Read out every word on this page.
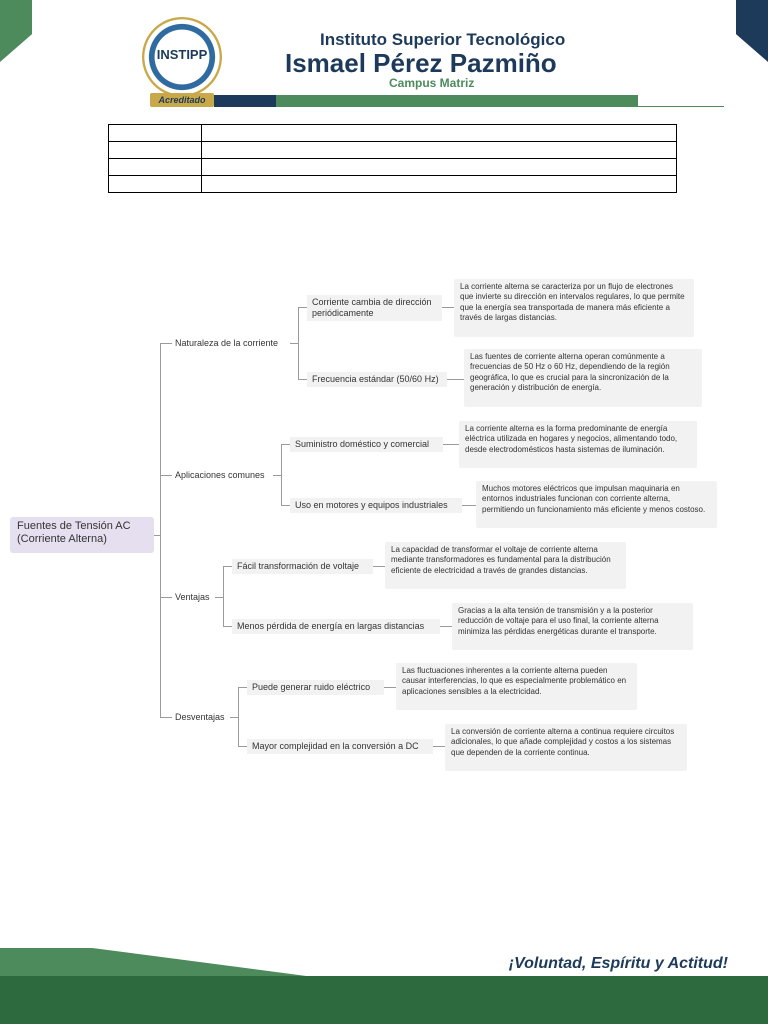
INSTIPP
Acreditado
Instituto Superior Tecnológico
Ismael Pérez Pazmiño
Campus Matriz

Fuentes de Tensión AC (Corriente Alterna)
Naturaleza de la corriente
Aplicaciones comunes
Ventajas
Desventajas
Corriente cambia de dirección periódicamente
Frecuencia estándar (50/60 Hz)
Suministro doméstico y comercial
Uso en motores y equipos industriales
Fácil transformación de voltaje
Menos pérdida de energía en largas distancias
Puede generar ruido eléctrico
Mayor complejidad en la conversión a DC
La corriente alterna se caracteriza por un flujo de electrones que invierte su dirección en intervalos regulares, lo que permite que la energía sea transportada de manera más eficiente a través de largas distancias.
Las fuentes de corriente alterna operan comúnmente a frecuencias de 50 Hz o 60 Hz, dependiendo de la región geográfica, lo que es crucial para la sincronización de la generación y distribución de energía.
La corriente alterna es la forma predominante de energía eléctrica utilizada en hogares y negocios, alimentando todo, desde electrodomésticos hasta sistemas de iluminación.
Muchos motores eléctricos que impulsan maquinaria en entornos industriales funcionan con corriente alterna, permitiendo un funcionamiento más eficiente y menos costoso.
La capacidad de transformar el voltaje de corriente alterna mediante transformadores es fundamental para la distribución eficiente de electricidad a través de grandes distancias.
Gracias a la alta tensión de transmisión y a la posterior reducción de voltaje para el uso final, la corriente alterna minimiza las pérdidas energéticas durante el transporte.
Las fluctuaciones inherentes a la corriente alterna pueden causar interferencias, lo que es especialmente problemático en aplicaciones sensibles a la electricidad.
La conversión de corriente alterna a continua requiere circuitos adicionales, lo que añade complejidad y costos a los sistemas que dependen de la corriente continua.
¡Voluntad, Espíritu y Actitud!
